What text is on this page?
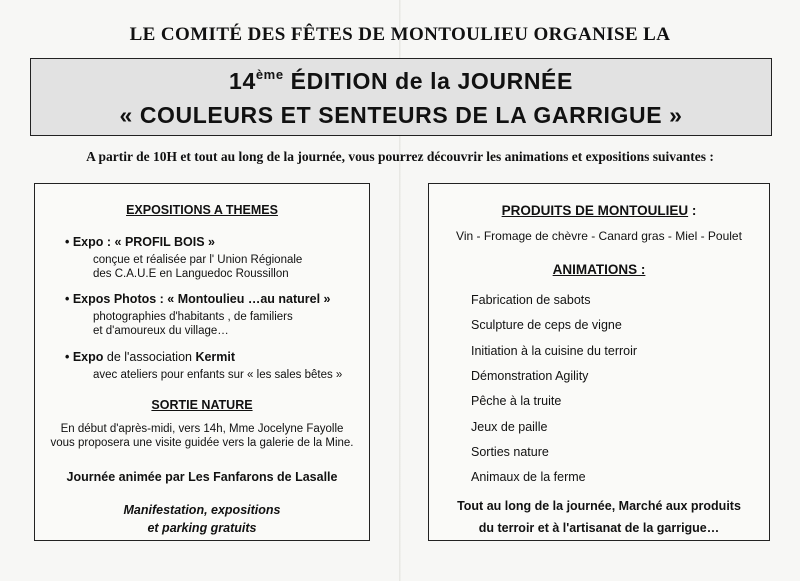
LE COMITÉ DES FÊTES DE MONTOULIEU ORGANISE LA
14ème ÉDITION de la JOURNÉE
« COULEURS ET SENTEURS DE LA GARRIGUE »
A partir de 10H et tout au long de la journée, vous pourrez découvrir les animations et expositions suivantes :
EXPOSITIONS A THEMES
• Expo : « PROFIL BOIS »
conçue et réalisée par l' Union Régionale
des C.A.U.E en Languedoc Roussillon
• Expos Photos : « Montoulieu …au naturel »
photographies d'habitants , de familiers
et d'amoureux du village…
• Expo de l'association Kermit
avec ateliers pour enfants sur « les sales bêtes »
SORTIE NATURE
En début d'après-midi, vers 14h, Mme Jocelyne Fayolle
vous proposera une visite guidée vers la galerie de la Mine.
Journée animée par Les Fanfarons de Lasalle
Manifestation, expositions
et parking gratuits
PRODUITS DE MONTOULIEU :
Vin - Fromage de chèvre - Canard gras - Miel - Poulet
ANIMATIONS :
Fabrication de sabots
Sculpture de ceps de vigne
Initiation à la cuisine du terroir
Démonstration Agility
Pêche à la truite
Jeux de paille
Sorties nature
Animaux de la ferme
Tout au long de la journée, Marché aux produits
du terroir et à l'artisanat de la garrigue…
